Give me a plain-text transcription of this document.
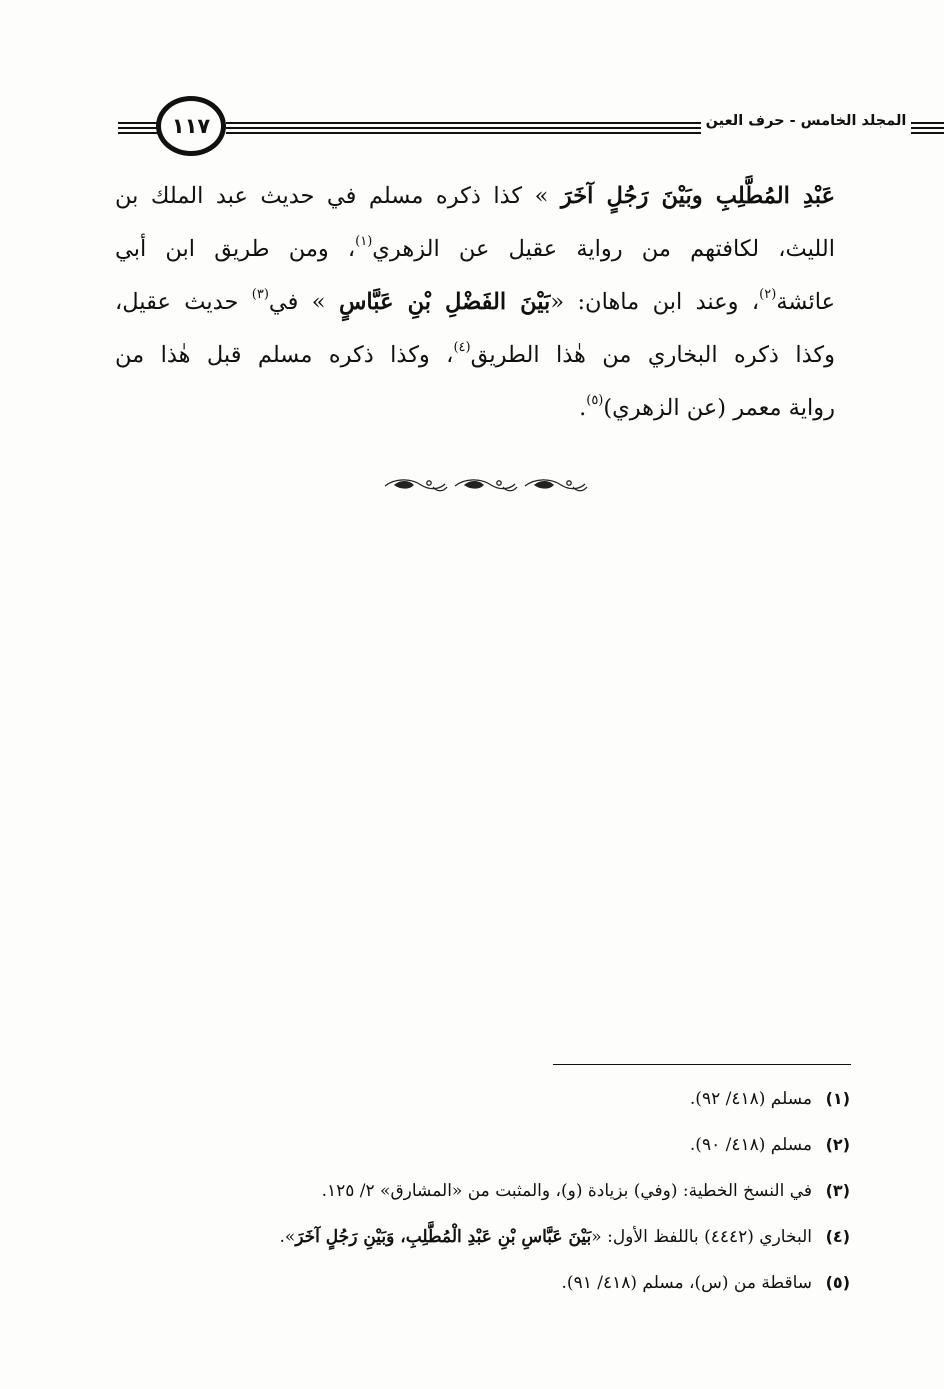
١١٧	المجلد الخامس - حرف العين
عَبْدِ المُطَّلِبِ وبَيْنَ رَجُلٍ آخَرَ » كذا ذكره مسلم في حديث عبد الملك بن
الليث، لكافتهم من رواية عقيل عن الزهري$^{(١)}$، ومن طريق ابن أبي
عائشة$^{(٢)}$، وعند ابن ماهان: «بَيْنَ الفَضْلِ بْنِ عَبَّاسٍ » في$^{(٣)}$ حديث عقيل،
وكذا ذكره البخاري من هٰذا الطريق$^{(٤)}$، وكذا ذكره مسلم قبل هٰذا من
رواية معمر (عن الزهري)$^{(٥)}$.
(١)
مسلم (٤١٨/ ٩٢).
(٢)
مسلم (٤١٨/ ٩٠).
(٣)
في النسخ الخطية: (وفي) بزيادة (و)، والمثبت من «المشارق» ٢/ ١٢٥.
(٤)
البخاري (٤٤٤٢) باللفظ الأول: «بَيْنَ عَبَّاسِ بْنِ عَبْدِ الْمُطَّلِبِ، وَبَيْنِ رَجُلٍ آخَرَ».
(٥)
ساقطة من (س)، مسلم (٤١٨/ ٩١).
